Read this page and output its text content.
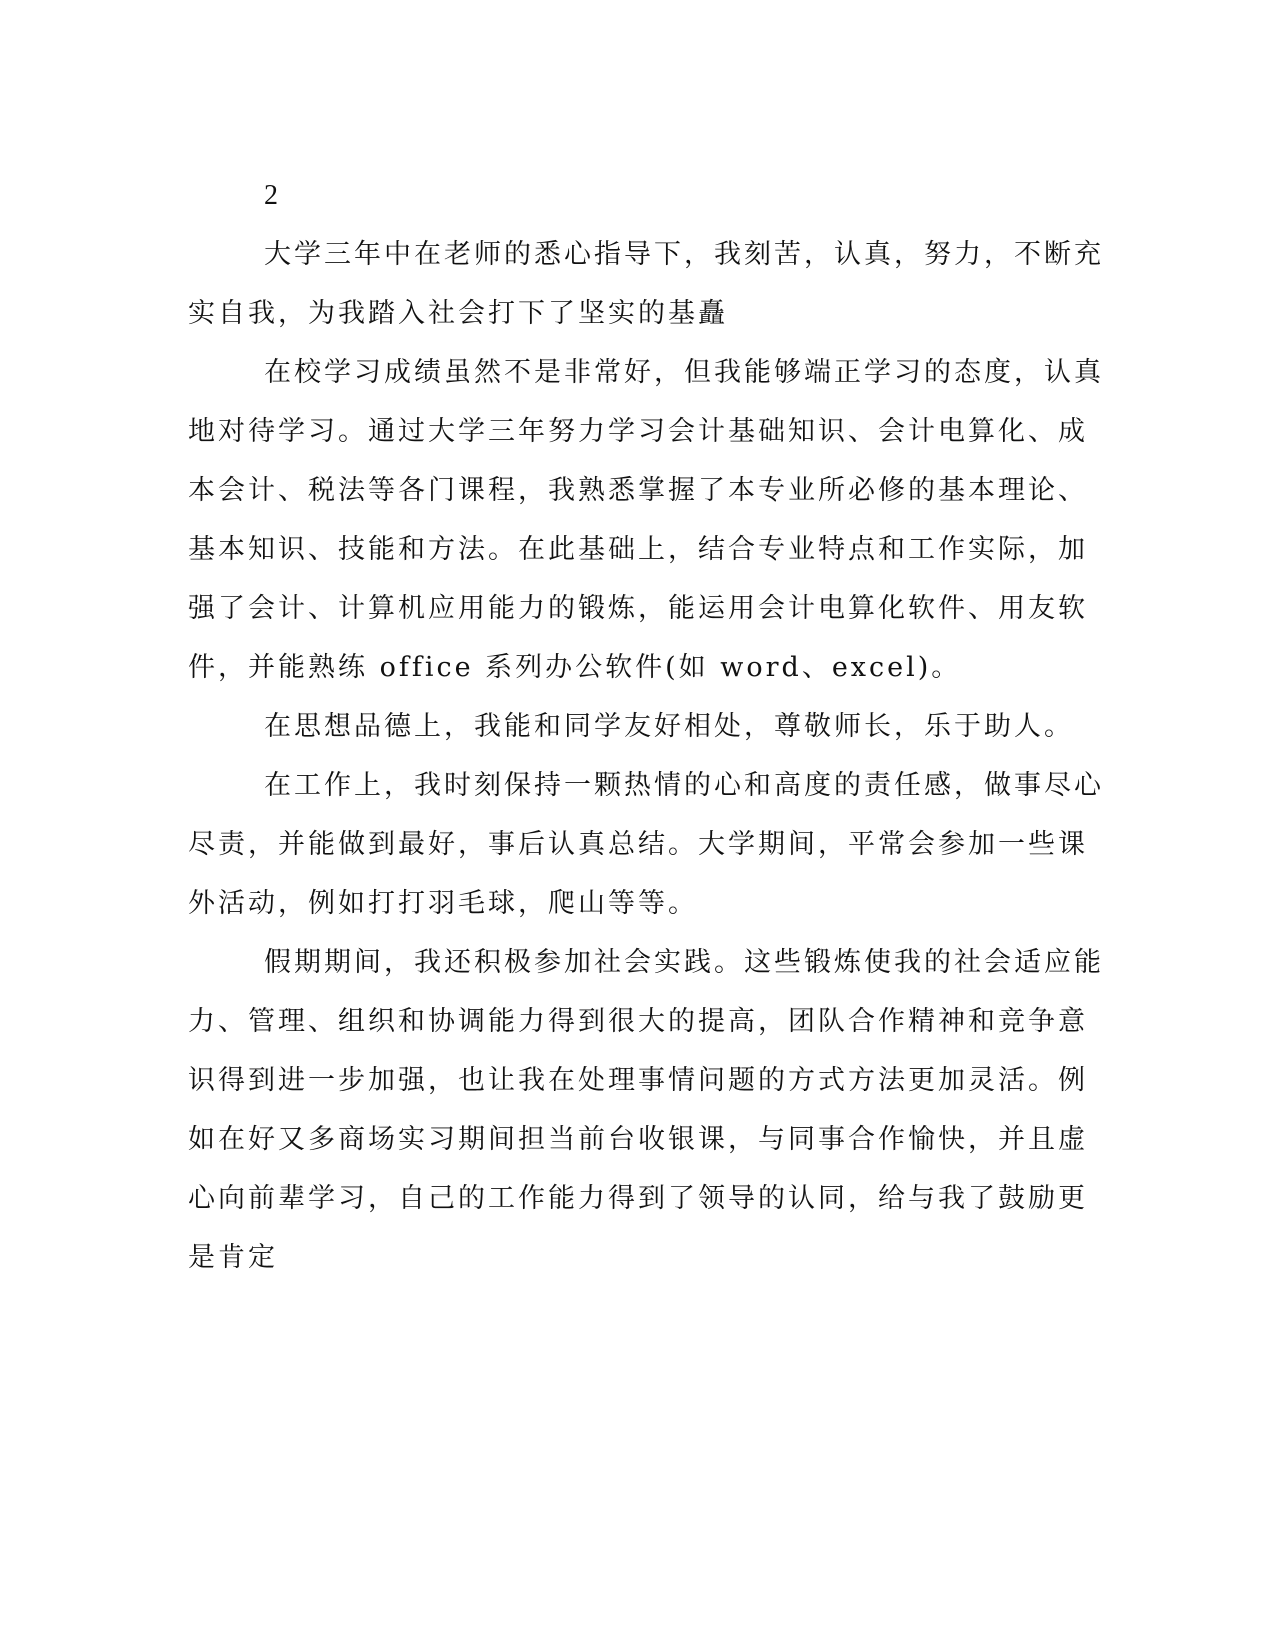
2

大学三年中在老师的悉心指导下，我刻苦，认真，努力，不断充
实自我，为我踏入社会打下了坚实的基矗

在校学习成绩虽然不是非常好，但我能够端正学习的态度，认真
地对待学习。通过大学三年努力学习会计基础知识、会计电算化、成
本会计、税法等各门课程，我熟悉掌握了本专业所必修的基本理论、
基本知识、技能和方法。在此基础上，结合专业特点和工作实际，加
强了会计、计算机应用能力的锻炼，能运用会计电算化软件、用友软
件，并能熟练 office 系列办公软件(如 word、excel)。

在思想品德上，我能和同学友好相处，尊敬师长，乐于助人。

在工作上，我时刻保持一颗热情的心和高度的责任感，做事尽心
尽责，并能做到最好，事后认真总结。大学期间，平常会参加一些课
外活动，例如打打羽毛球，爬山等等。

假期期间，我还积极参加社会实践。这些锻炼使我的社会适应能
力、管理、组织和协调能力得到很大的提高，团队合作精神和竞争意
识得到进一步加强，也让我在处理事情问题的方式方法更加灵活。例
如在好又多商场实习期间担当前台收银课，与同事合作愉快，并且虚
心向前辈学习，自己的工作能力得到了领导的认同，给与我了鼓励更
是肯定
